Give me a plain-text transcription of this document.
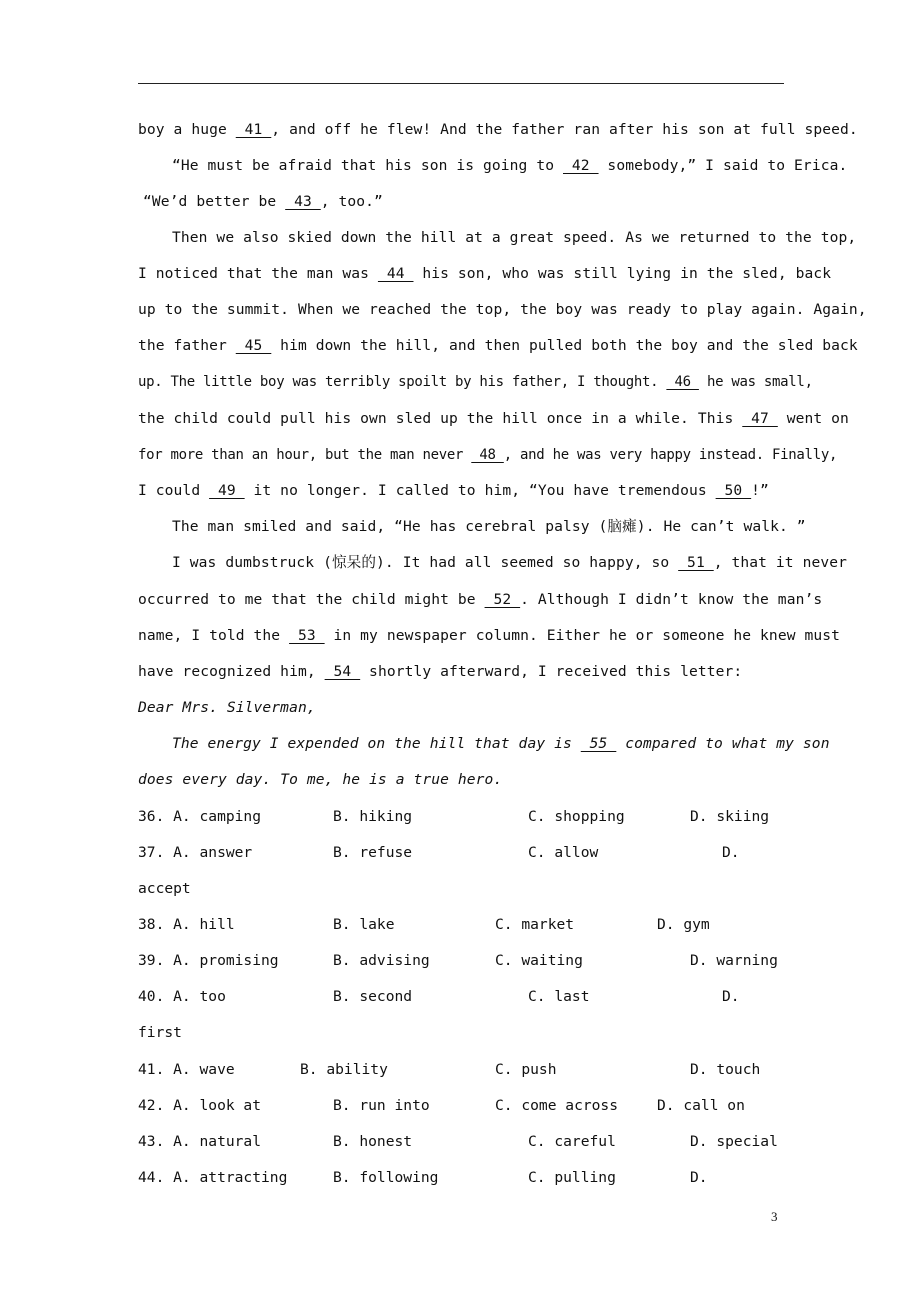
boy a huge  41 , and off he flew! And the father ran after his son at full speed.
“He must be afraid that his son is going to  42  somebody,” I said to Erica.
“We’d better be  43 , too.”
Then we also skied down the hill at a great speed. As we returned to the top,
I noticed that the man was  44  his son, who was still lying in the sled, back
up to the summit. When we reached the top, the boy was ready to play again. Again,
the father  45  him down the hill, and then pulled both the boy and the sled back
up. The little boy was terribly spoilt by his father, I thought.  46  he was small,
the child could pull his own sled up the hill once in a while. This  47  went on
for more than an hour, but the man never  48 , and he was very happy instead. Finally,
I could  49  it no longer. I called to him, “You have tremendous  50 !”
The man smiled and said, “He has cerebral palsy (脑瘫). He can’t walk. ”
I was dumbstruck (惊呆的). It had all seemed so happy, so  51 , that it never
occurred to me that the child might be  52 . Although I didn’t know the man’s
name, I told the  53  in my newspaper column. Either he or someone he knew must
have recognized him,  54  shortly afterward, I received this letter:
Dear Mrs. Silverman,
The energy I expended on the hill that day is  55  compared to what my son
does every day. To me, he is a true hero.
36. A. camping	B. hiking	C. shopping	D. skiing
37. A. answer	B. refuse	C. allow	D.
accept
38. A. hill	B. lake	C. market	D. gym
39. A. promising	B. advising	C. waiting	D. warning
40. A. too	B. second	C. last	D.
first
41. A. wave	B. ability	C. push	D. touch
42. A. look at	B. run into	C. come across	D. call on
43. A. natural	B. honest	C. careful	D. special
44. A. attracting	B. following	C. pulling	D.
3
